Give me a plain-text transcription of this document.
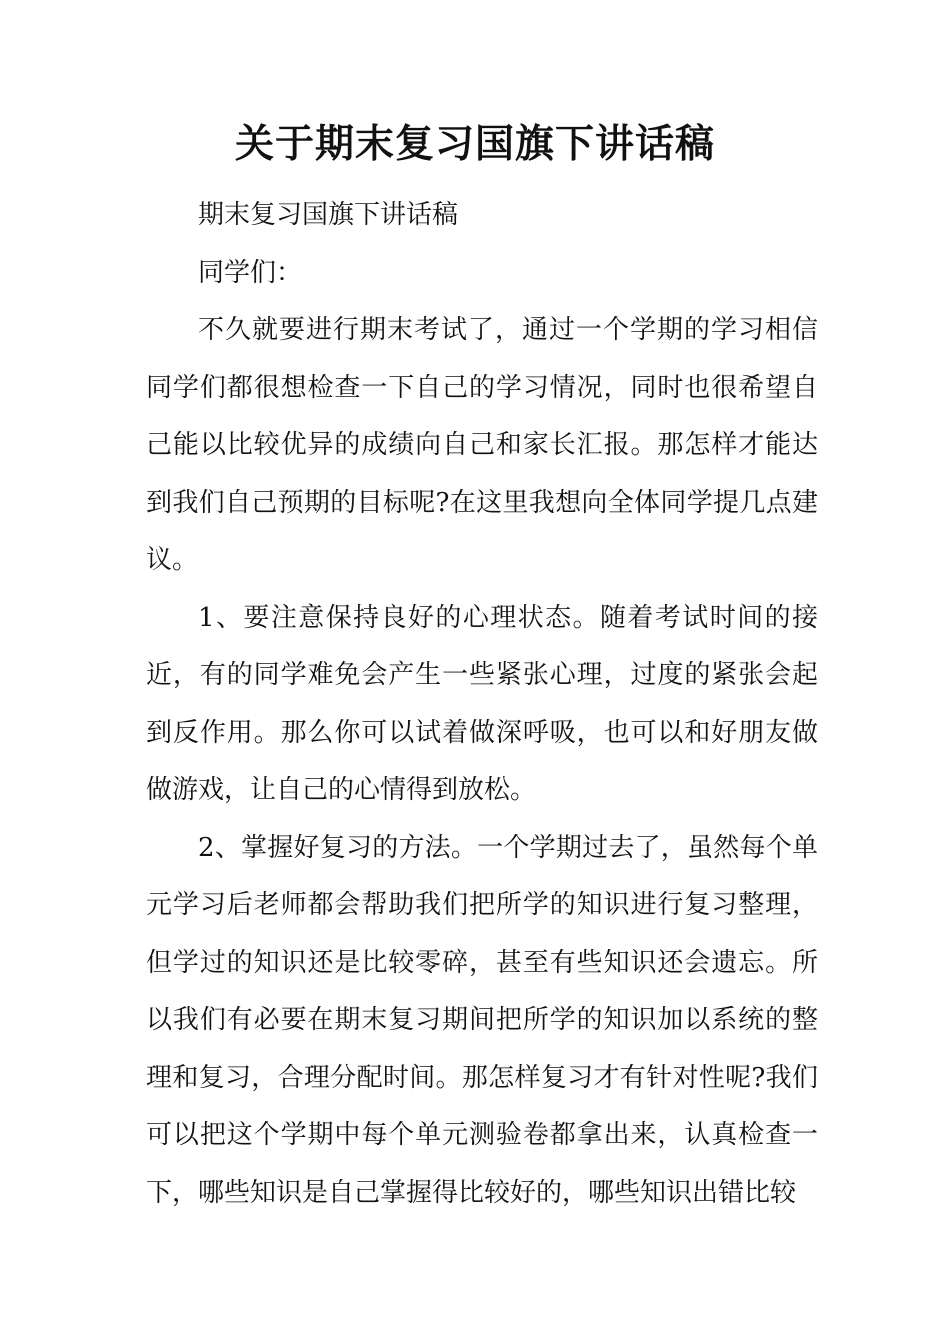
关于期末复习国旗下讲话稿

期末复习国旗下讲话稿

同学们：

不久就要进行期末考试了，通过一个学期的学习相信同学们都很想检查一下自己的学习情况，同时也很希望自己能以比较优异的成绩向自己和家长汇报。那怎样才能达到我们自己预期的目标呢?在这里我想向全体同学提几点建议。

1、要注意保持良好的心理状态。随着考试时间的接近，有的同学难免会产生一些紧张心理，过度的紧张会起到反作用。那么你可以试着做深呼吸，也可以和好朋友做做游戏，让自己的心情得到放松。

2、掌握好复习的方法。一个学期过去了，虽然每个单元学习后老师都会帮助我们把所学的知识进行复习整理，但学过的知识还是比较零碎，甚至有些知识还会遗忘。所以我们有必要在期末复习期间把所学的知识加以系统的整理和复习，合理分配时间。那怎样复习才有针对性呢?我们可以把这个学期中每个单元测验卷都拿出来，认真检查一下，哪些知识是自己掌握得比较好的，哪些知识出错比较
